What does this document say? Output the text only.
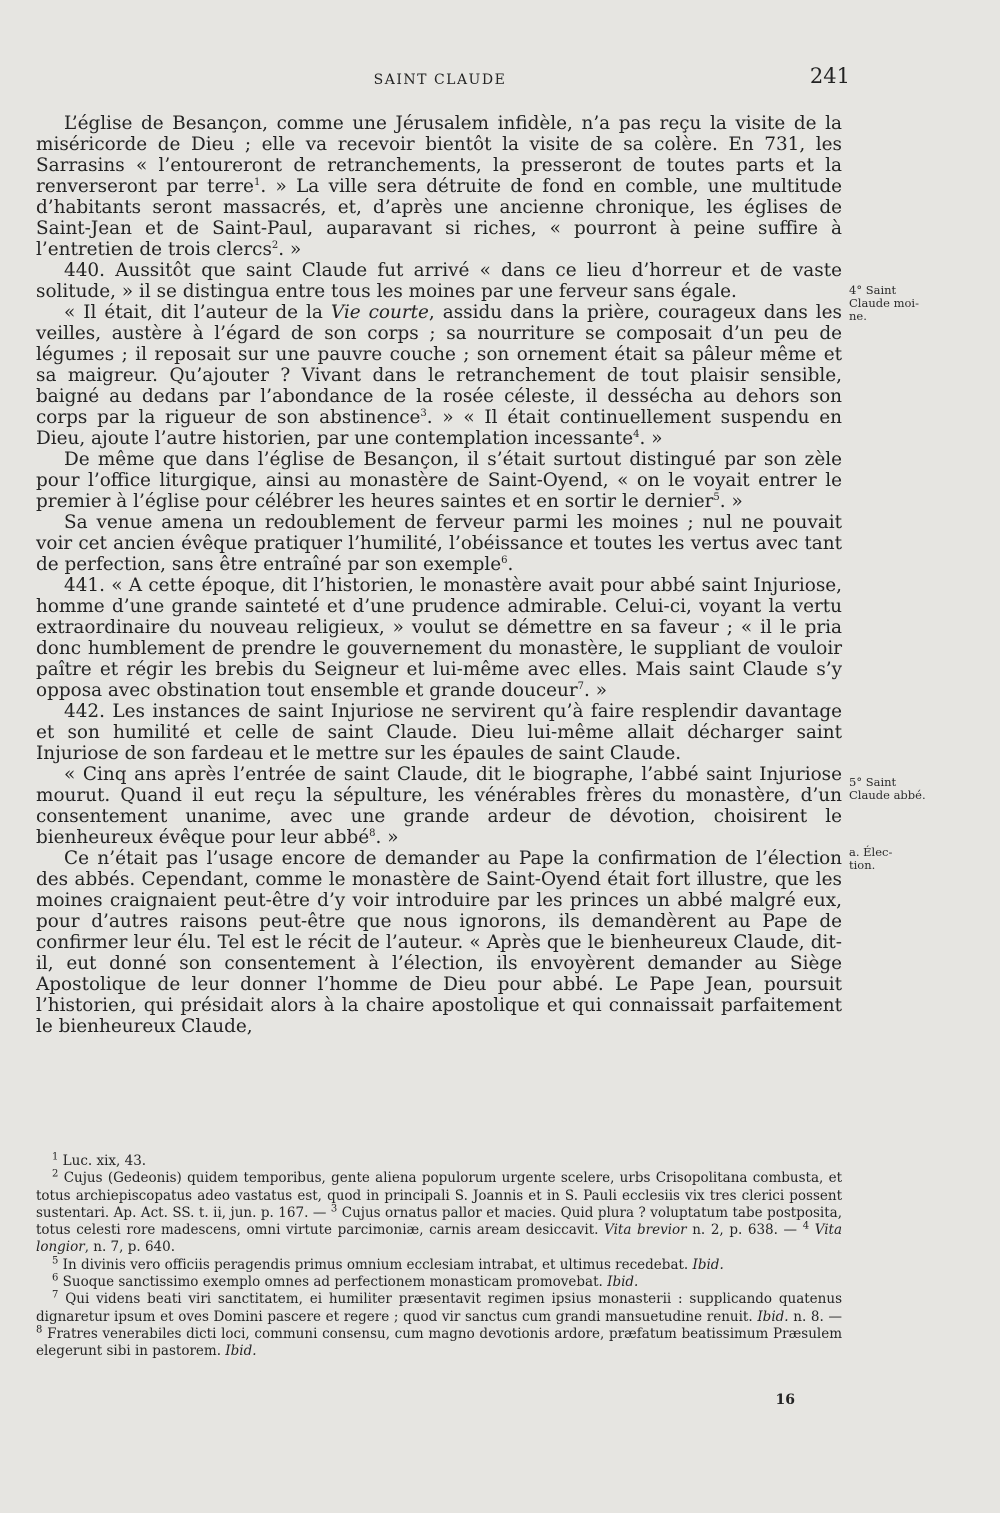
SAINT CLAUDE	241

L’église de Besançon, comme une Jérusalem infidèle, n’a pas reçu la visite de la miséricorde de Dieu ; elle va recevoir bientôt la visite de sa colère. En 731, les Sarrasins « l’entoureront de retranchements, la presseront de toutes parts et la renverseront par terre$^1$. » La ville sera détruite de fond en comble, une multitude d’habitants seront massacrés, et, d’après une ancienne chronique, les églises de Saint-Jean et de Saint-Paul, auparavant si riches, « pourront à peine suffire à l’entretien de trois clercs$^2$. »

440. Aussitôt que saint Claude fut arrivé « dans ce lieu d’horreur et de vaste solitude, » il se distingua entre tous les moines par une ferveur sans égale.

« Il était, dit l’auteur de la Vie courte, assidu dans la prière, courageux dans les veilles, austère à l’égard de son corps ; sa nourriture se composait d’un peu de légumes ; il reposait sur une pauvre couche ; son ornement était sa pâleur même et sa maigreur. Qu’ajouter ? Vivant dans le retranchement de tout plaisir sensible, baigné au dedans par l’abondance de la rosée céleste, il dessécha au dehors son corps par la rigueur de son abstinence$^3$. » « Il était continuellement suspendu en Dieu, ajoute l’autre historien, par une contemplation incessante$^4$. »

De même que dans l’église de Besançon, il s’était surtout distingué par son zèle pour l’office liturgique, ainsi au monastère de Saint-Oyend, « on le voyait entrer le premier à l’église pour célébrer les heures saintes et en sortir le dernier$^5$. »

Sa venue amena un redoublement de ferveur parmi les moines ; nul ne pouvait voir cet ancien évêque pratiquer l’humilité, l’obéissance et toutes les vertus avec tant de perfection, sans être entraîné par son exemple$^6$.

441. « A cette époque, dit l’historien, le monastère avait pour abbé saint Injuriose, homme d’une grande sainteté et d’une prudence admirable. Celui-ci, voyant la vertu extraordinaire du nouveau religieux, » voulut se démettre en sa faveur ; « il le pria donc humblement de prendre le gouvernement du monastère, le suppliant de vouloir paître et régir les brebis du Seigneur et lui-même avec elles. Mais saint Claude s’y opposa avec obstination tout ensemble et grande douceur$^7$. »

442. Les instances de saint Injuriose ne servirent qu’à faire resplendir davantage et son humilité et celle de saint Claude. Dieu lui-même allait décharger saint Injuriose de son fardeau et le mettre sur les épaules de saint Claude.

« Cinq ans après l’entrée de saint Claude, dit le biographe, l’abbé saint Injuriose mourut. Quand il eut reçu la sépulture, les vénérables frères du monastère, d’un consentement unanime, avec une grande ardeur de dévotion, choisirent le bienheureux évêque pour leur abbé$^8$. »

Ce n’était pas l’usage encore de demander au Pape la confirmation de l’élection des abbés. Cependant, comme le monastère de Saint-Oyend était fort illustre, que les moines craignaient peut-être d’y voir introduire par les princes un abbé malgré eux, pour d’autres raisons peut-être que nous ignorons, ils demandèrent au Pape de confirmer leur élu. Tel est le récit de l’auteur. « Après que le bienheureux Claude, dit-il, eut donné son consentement à l’élection, ils envoyèrent demander au Siège Apostolique de leur donner l’homme de Dieu pour abbé. Le Pape Jean, poursuit l’historien, qui présidait alors à la chaire apostolique et qui connaissait parfaitement le bienheureux Claude,

4° Saint
Claude moi-
ne.
5° Saint
Claude abbé.
a. Élec-
tion.

$^1$ Luc. xix, 43.

$^2$ Cujus (Gedeonis) quidem temporibus, gente aliena populorum urgente scelere, urbs Crisopolitana combusta, et totus archiepiscopatus adeo vastatus est, quod in principali S. Joannis et in S. Pauli ecclesiis vix tres clerici possent sustentari. Ap. Act. SS. t. ii, jun. p. 167. — $^3$ Cujus ornatus pallor et macies. Quid plura ? voluptatum tabe postposita, totus celesti rore madescens, omni virtute parcimoniæ, carnis aream desiccavit. Vita brevior n. 2, p. 638. — $^4$ Vita longior, n. 7, p. 640.

$^5$ In divinis vero officiis peragendis primus omnium ecclesiam intrabat, et ultimus recedebat. Ibid.

$^6$ Suoque sanctissimo exemplo omnes ad perfectionem monasticam promovebat. Ibid.

$^7$ Qui videns beati viri sanctitatem, ei humiliter præsentavit regimen ipsius monasterii : supplicando quatenus dignaretur ipsum et oves Domini pascere et regere ; quod vir sanctus cum grandi mansuetudine renuit. Ibid. n. 8. — $^8$ Fratres venerabiles dicti loci, communi consensu, cum magno devotionis ardore, præfatum beatissimum Præsulem elegerunt sibi in pastorem. Ibid.

16
